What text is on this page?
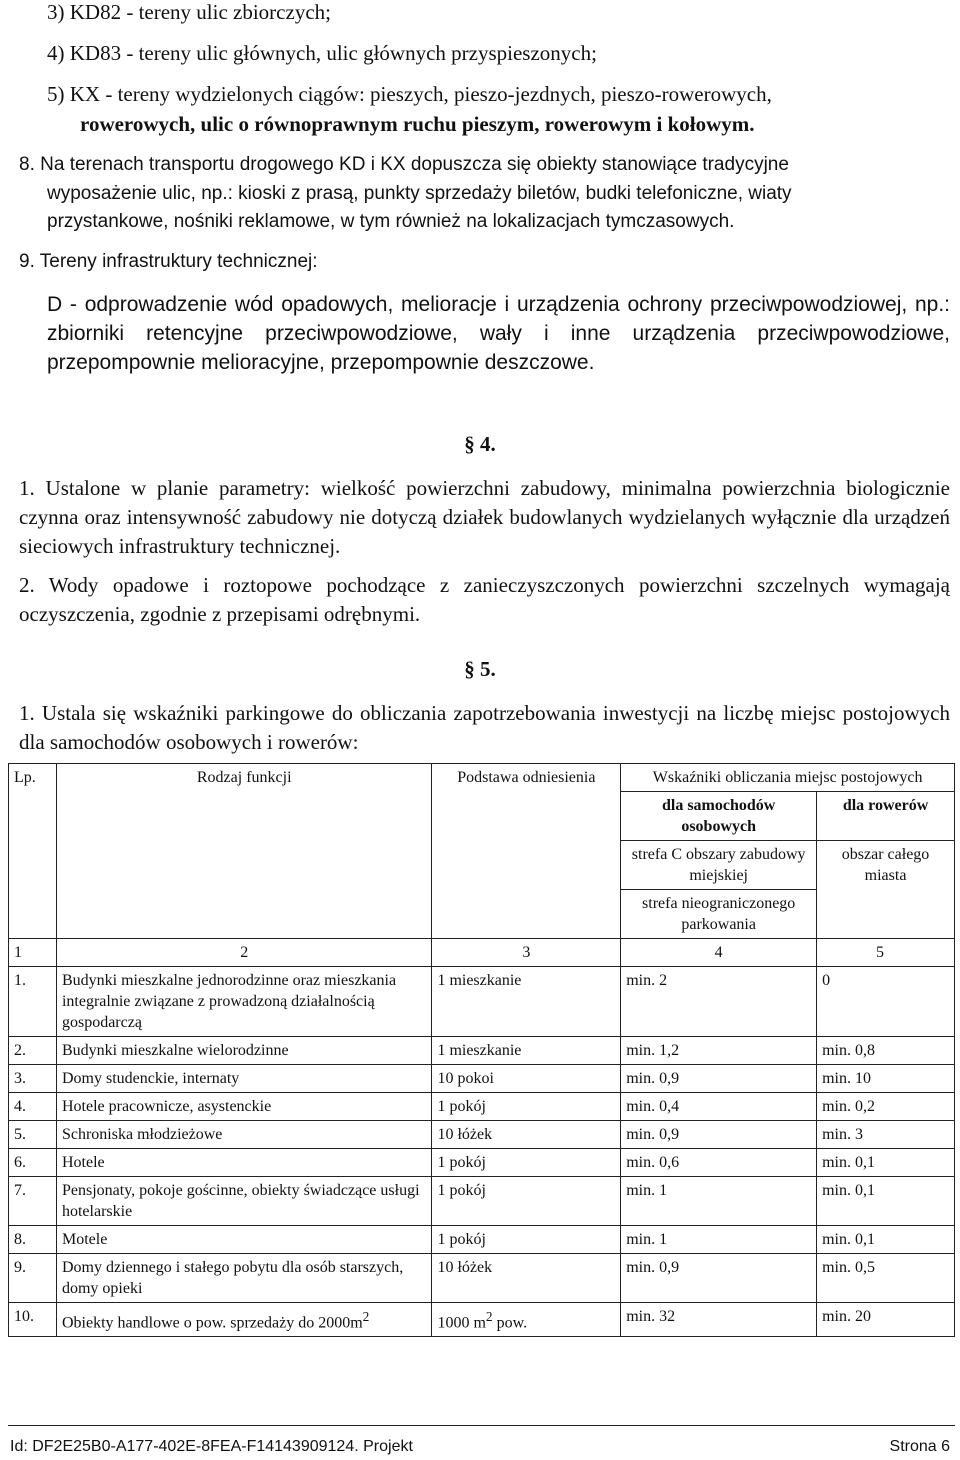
3) KD82 - tereny ulic zbiorczych;
4) KD83 - tereny ulic głównych, ulic głównych przyspieszonych;
5) KX - tereny wydzielonych ciągów: pieszych, pieszo-jezdnych, pieszo-rowerowych,
rowerowych, ulic o równoprawnym ruchu pieszym, rowerowym i kołowym.
8. Na terenach transportu drogowego KD i KX dopuszcza się obiekty stanowiące tradycyjne
wyposażenie ulic, np.: kioski z prasą, punkty sprzedaży biletów, budki telefoniczne, wiaty
przystankowe, nośniki reklamowe, w tym również na lokalizacjach tymczasowych.
9. Tereny infrastruktury technicznej:
D - odprowadzenie wód opadowych, melioracje i urządzenia ochrony przeciwpowodziowej, np.: zbiorniki retencyjne przeciwpowodziowe, wały i inne urządzenia przeciwpowodziowe, przepompownie melioracyjne, przepompownie deszczowe.
§ 4.
1. Ustalone w planie parametry: wielkość powierzchni zabudowy, minimalna powierzchnia biologicznie czynna oraz intensywność zabudowy nie dotyczą działek budowlanych wydzielanych wyłącznie dla urządzeń sieciowych infrastruktury technicznej.
2. Wody opadowe i roztopowe pochodzące z zanieczyszczonych powierzchni szczelnych wymagają oczyszczenia, zgodnie z przepisami odrębnymi.
§ 5.
1. Ustala się wskaźniki parkingowe do obliczania zapotrzebowania inwestycji na liczbę miejsc postojowych dla samochodów osobowych i rowerów:
Lp.	Rodzaj funkcji	Podstawa odniesienia	Wskaźniki obliczania miejsc postojowych	
			dla samochodów osobowych	dla rowerów
			strefa C obszary zabudowy miejskiej	obszar całego miasta
			strefa nieograniczonego parkowania	
1	2	3	4	5
1.	Budynki mieszkalne jednorodzinne oraz mieszkania integralnie związane z prowadzoną działalnością gospodarczą	1 mieszkanie	min. 2	0
2.	Budynki mieszkalne wielorodzinne	1 mieszkanie	min. 1,2	min. 0,8
3.	Domy studenckie, internaty	10 pokoi	min. 0,9	min. 10
4.	Hotele pracownicze, asystenckie	1 pokój	min. 0,4	min. 0,2
5.	Schroniska młodzieżowe	10 łóżek	min. 0,9	min. 3
6.	Hotele	1 pokój	min. 0,6	min. 0,1
7.	Pensjonaty, pokoje gościnne, obiekty świadczące usługi hotelarskie	1 pokój	min. 1	min. 0,1
8.	Motele	1 pokój	min. 1	min. 0,1
9.	Domy dziennego i stałego pobytu dla osób starszych, domy opieki	10 łóżek	min. 0,9	min. 0,5
10.	Obiekty handlowe o pow. sprzedaży do $2000m^2$	1000 $m^2$ pow.	min. 32	min. 20
Id: DF2E25B0-A177-402E-8FEA-F14143909124. Projekt	Strona 6
